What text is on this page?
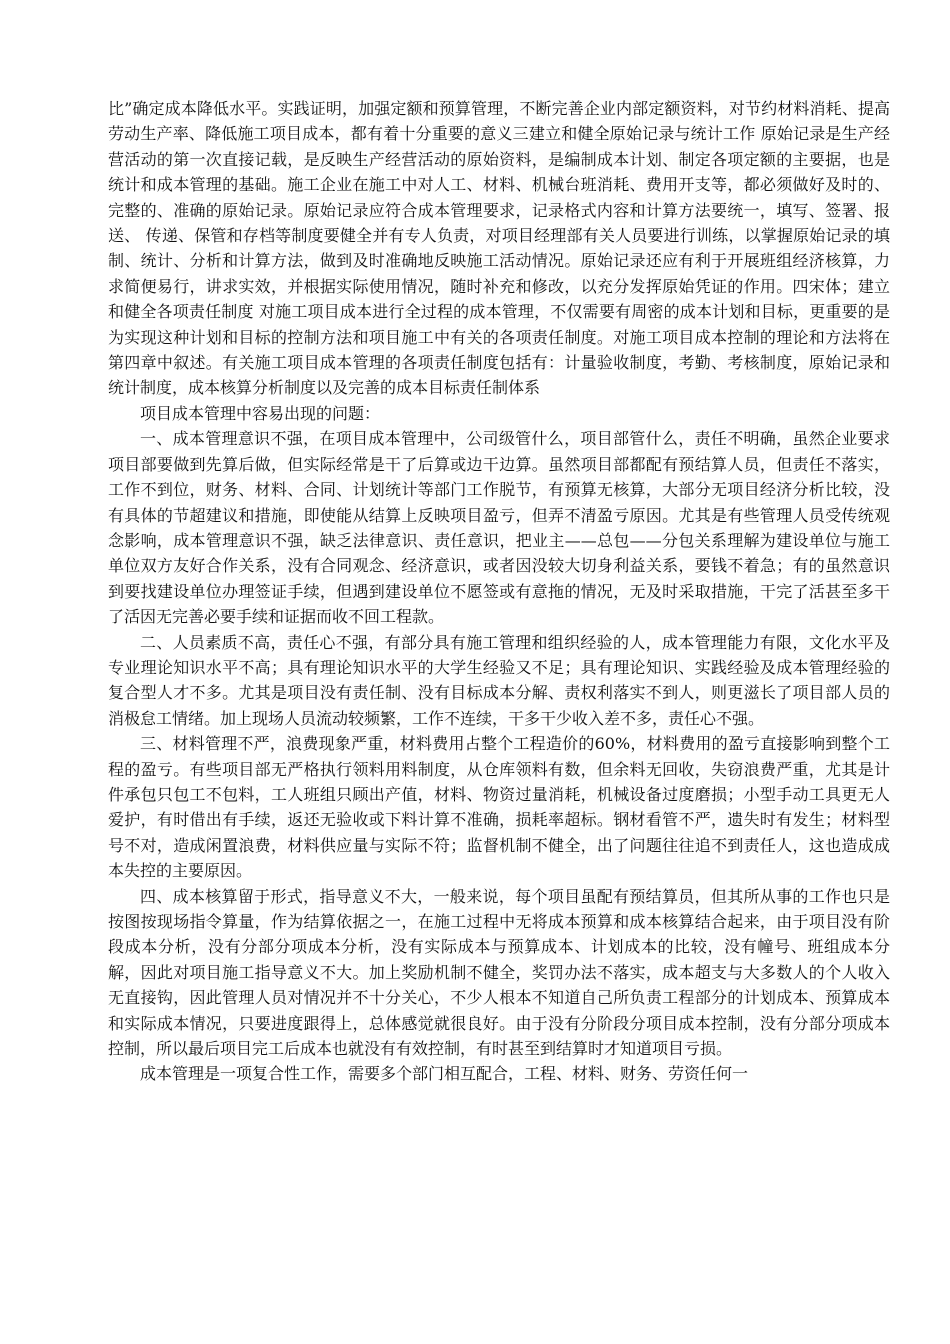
比”确定成本降低水平。实践证明，加强定额和预算管理，不断完善企业内部定额资料，对节约材料消耗、提高劳动生产率、降低施工项目成本，都有着十分重要的意义三建立和健全原始记录与统计工作 原始记录是生产经营活动的第一次直接记载，是反映生产经营活动的原始资料，是编制成本计划、制定各项定额的主要据，也是统计和成本管理的基础。施工企业在施工中对人工、材料、机械台班消耗、费用开支等，都必须做好及时的、完整的、准确的原始记录。原始记录应符合成本管理要求，记录格式内容和计算方法要统一，填写、签署、报送、 传递、保管和存档等制度要健全并有专人负责，对项目经理部有关人员要进行训练，以掌握原始记录的填制、统计、分析和计算方法，做到及时准确地反映施工活动情况。原始记录还应有利于开展班组经济核算，力求简便易行，讲求实效，并根据实际使用情况，随时补充和修改，以充分发挥原始凭证的作用。四宋体；建立和健全各项责任制度 对施工项目成本进行全过程的成本管理，不仅需要有周密的成本计划和目标，更重要的是为实现这种计划和目标的控制方法和项目施工中有关的各项责任制度。对施工项目成本控制的理论和方法将在第四章中叙述。有关施工项目成本管理的各项责任制度包括有：计量验收制度，考勤、考核制度，原始记录和统计制度，成本核算分析制度以及完善的成本目标责任制体系

项目成本管理中容易出现的问题：

一、成本管理意识不强，在项目成本管理中，公司级管什么，项目部管什么，责任不明确，虽然企业要求项目部要做到先算后做，但实际经常是干了后算或边干边算。虽然项目部都配有预结算人员，但责任不落实，工作不到位，财务、材料、合同、计划统计等部门工作脱节，有预算无核算，大部分无项目经济分析比较，没有具体的节超建议和措施，即使能从结算上反映项目盈亏，但弄不清盈亏原因。尤其是有些管理人员受传统观念影响，成本管理意识不强，缺乏法律意识、责任意识，把业主——总包——分包关系理解为建设单位与施工单位双方友好合作关系，没有合同观念、经济意识，或者因没较大切身利益关系，要钱不着急；有的虽然意识到要找建设单位办理签证手续，但遇到建设单位不愿签或有意拖的情况，无及时采取措施，干完了活甚至多干了活因无完善必要手续和证据而收不回工程款。

二、人员素质不高，责任心不强，有部分具有施工管理和组织经验的人，成本管理能力有限，文化水平及专业理论知识水平不高；具有理论知识水平的大学生经验又不足；具有理论知识、实践经验及成本管理经验的复合型人才不多。尤其是项目没有责任制、没有目标成本分解、责权利落实不到人，则更滋长了项目部人员的消极怠工情绪。加上现场人员流动较频繁，工作不连续，干多干少收入差不多，责任心不强。

三、材料管理不严，浪费现象严重，材料费用占整个工程造价的60%，材料费用的盈亏直接影响到整个工程的盈亏。有些项目部无严格执行领料用料制度，从仓库领料有数，但余料无回收，失窃浪费严重，尤其是计件承包只包工不包料，工人班组只顾出产值，材料、物资过量消耗，机械设备过度磨损；小型手动工具更无人爱护，有时借出有手续，返还无验收或下料计算不准确，损耗率超标。钢材看管不严，遗失时有发生；材料型号不对，造成闲置浪费，材料供应量与实际不符；监督机制不健全，出了问题往往追不到责任人，这也造成成本失控的主要原因。

四、成本核算留于形式，指导意义不大，一般来说，每个项目虽配有预结算员，但其所从事的工作也只是按图按现场指令算量，作为结算依据之一，在施工过程中无将成本预算和成本核算结合起来，由于项目没有阶段成本分析，没有分部分项成本分析，没有实际成本与预算成本、计划成本的比较，没有幢号、班组成本分解，因此对项目施工指导意义不大。加上奖励机制不健全，奖罚办法不落实，成本超支与大多数人的个人收入无直接钩，因此管理人员对情况并不十分关心，不少人根本不知道自己所负责工程部分的计划成本、预算成本和实际成本情况，只要进度跟得上，总体感觉就很良好。由于没有分阶段分项目成本控制，没有分部分项成本控制，所以最后项目完工后成本也就没有有效控制，有时甚至到结算时才知道项目亏损。

成本管理是一项复合性工作，需要多个部门相互配合，工程、材料、财务、劳资任何一
